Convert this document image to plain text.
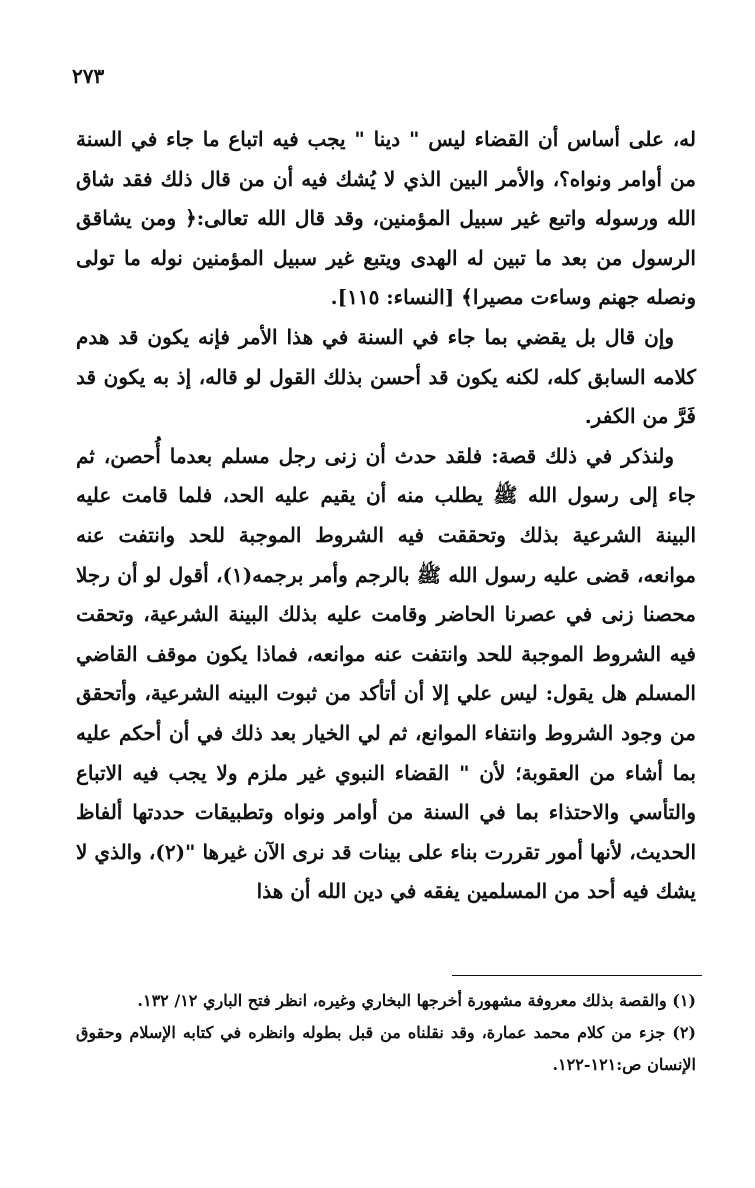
٢٧٣

له، على أساس أن القضاء ليس " دينا " يجب فيه اتباع ما جاء في السنة من أوامر ونواه؟، والأمر البين الذي لا يُشك فيه أن من قال ذلك فقد شاق الله ورسوله واتبع غير سبيل المؤمنين، وقد قال الله تعالى:﴿ ومن يشاقق الرسول من بعد ما تبين له الهدى ويتبع غير سبيل المؤمنين نوله ما تولى ونصله جهنم وساءت مصيرا﴾ [النساء: ١١٥].

وإن قال بل يقضي بما جاء في السنة في هذا الأمر فإنه يكون قد هدم كلامه السابق كله، لكنه يكون قد أحسن بذلك القول لو قاله، إذ به يكون قد فَرَّ من الكفر.

ولنذكر في ذلك قصة: فلقد حدث أن زنى رجل مسلم بعدما أُحصن، ثم جاء إلى رسول الله ﷺ يطلب منه أن يقيم عليه الحد، فلما قامت عليه البينة الشرعية بذلك وتحققت فيه الشروط الموجبة للحد وانتفت عنه موانعه، قضى عليه رسول الله ﷺ بالرجم وأمر برجمه(١)، أقول لو أن رجلا محصنا زنى في عصرنا الحاضر وقامت عليه بذلك البينة الشرعية، وتحقت فيه الشروط الموجبة للحد وانتفت عنه موانعه، فماذا يكون موقف القاضي المسلم هل يقول: ليس علي إلا أن أتأكد من ثبوت البينه الشرعية، وأتحقق من وجود الشروط وانتفاء الموانع، ثم لي الخيار بعد ذلك في أن أحكم عليه بما أشاء من العقوبة؛ لأن " القضاء النبوي غير ملزم ولا يجب فيه الاتباع والتأسي والاحتذاء بما في السنة من أوامر ونواه وتطبيقات حددتها ألفاظ الحديث، لأنها أمور تقررت بناء على بينات قد نرى الآن غيرها "(٢)، والذي لا يشك فيه أحد من المسلمين يفقه في دين الله أن هذا

(١) والقصة بذلك معروفة مشهورة أخرجها البخاري وغيره، انظر فتح الباري ١٢/ ١٣٢.

(٢) جزء من كلام محمد عمارة، وقد نقلناه من قبل بطوله وانظره في كتابه الإسلام وحقوق الإنسان ص:١٢١-١٢٢.
